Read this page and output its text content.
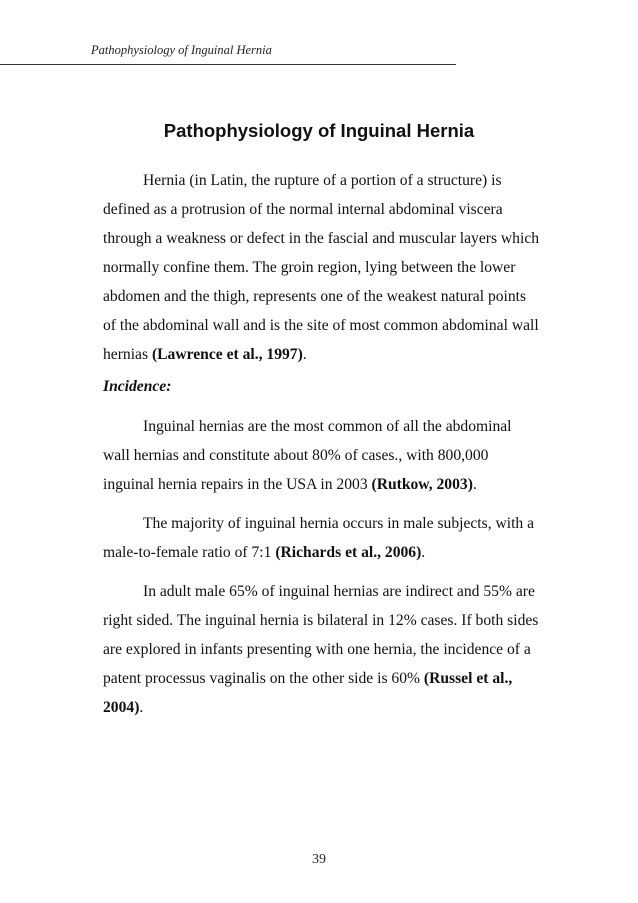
Pathophysiology of Inguinal Hernia
Pathophysiology of Inguinal Hernia
Hernia (in Latin, the rupture of a portion of a structure) is
defined as a protrusion of the normal internal abdominal viscera
through a weakness or defect in the fascial and muscular layers which
normally confine them. The groin region, lying between the lower
abdomen and the thigh, represents one of the weakest natural points
of the abdominal wall and is the site of most common abdominal wall
hernias (Lawrence et al., 1997).
Incidence:
Inguinal hernias are the most common of all the abdominal
wall hernias and constitute about 80% of cases., with 800,000
inguinal hernia repairs in the USA in 2003 (Rutkow, 2003).
The majority of inguinal hernia occurs in male subjects, with a
male-to-female ratio of 7:1 (Richards et al., 2006).
In adult male 65% of inguinal hernias are indirect and 55% are
right sided. The inguinal hernia is bilateral in 12% cases. If both sides
are explored in infants presenting with one hernia, the incidence of a
patent processus vaginalis on the other side is 60% (Russel et al.,
2004).
39
